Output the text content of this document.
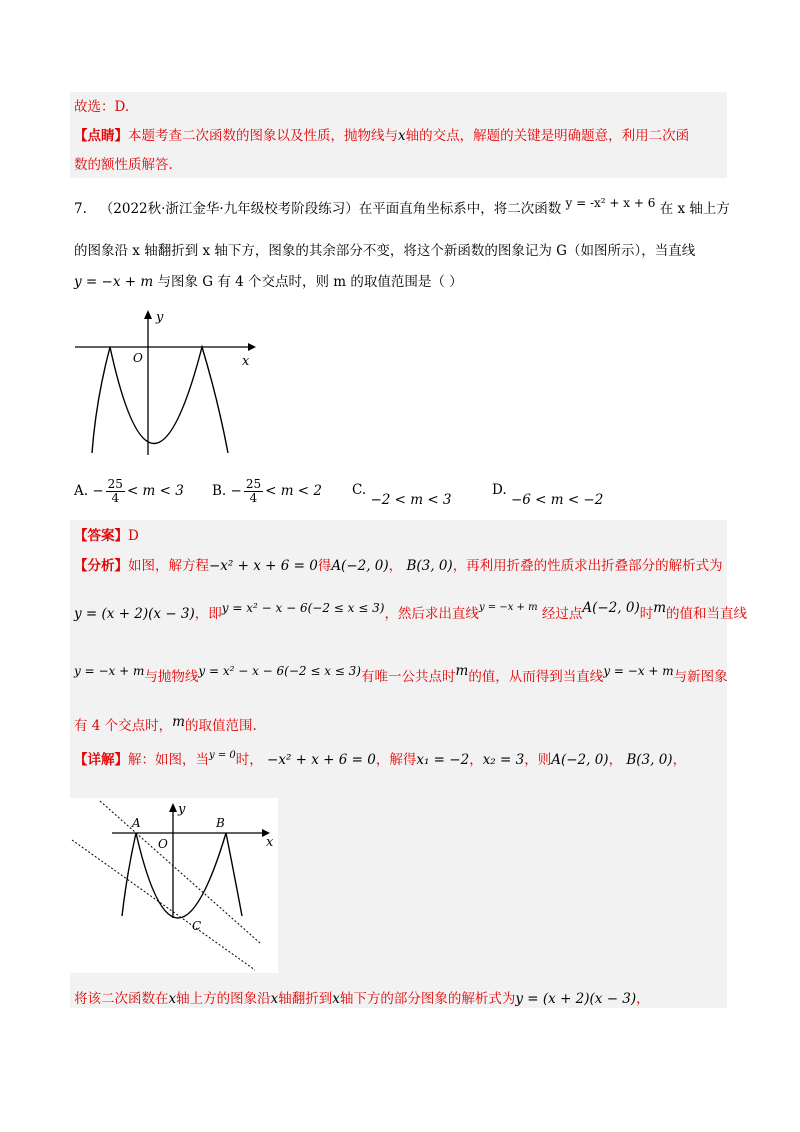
故选：D.
【点睛】本题考查二次函数的图象以及性质，抛物线与x轴的交点，解题的关键是明确题意，利用二次函
数的额性质解答.
7. （2022秋·浙江金华·九年级校考阶段练习）在平面直角坐标系中，将二次函数 y = -x² + x + 6 在 x 轴上方
的图象沿 x 轴翻折到 x 轴下方，图象的其余部分不变，将这个新函数的图象记为 G（如图所示），当直线
y = −x + m 与图象 G 有 4 个交点时，则 m 的取值范围是（ ）
y
x
O
A. − $\frac{25}{4} < m < 3$ B. − $\frac{25}{4} < m < 2$ C. −2 < m < 3
D. −6 < m < −2
【答案】D
【分析】如图，解方程−x² + x + 6 = 0得A(−2, 0)， B(3, 0)，再利用折叠的性质求出折叠部分的解析式为
y = (x + 2)(x − 3)，即y = x² − x − 6(−2 ≤ x ≤ 3)，然后求出直线$^{y = -x + m}$ 经过点A(−2, 0)时m的值和当直线
y = −x + m与抛物线y = x² − x − 6(−2 ≤ x ≤ 3)有唯一公共点时m的值，从而得到当直线y = −x + m与新图象
有 4 个交点时，m的取值范围.
【详解】解：如图，当$^{y = 0}$时， −x² + x + 6 = 0，解得x₁ = −2，x₂ = 3，则A(−2, 0)， B(3, 0)，
y
x
O
A	B
C
将该二次函数在x轴上方的图象沿x轴翻折到x轴下方的部分图象的解析式为y = (x + 2)(x − 3)，
